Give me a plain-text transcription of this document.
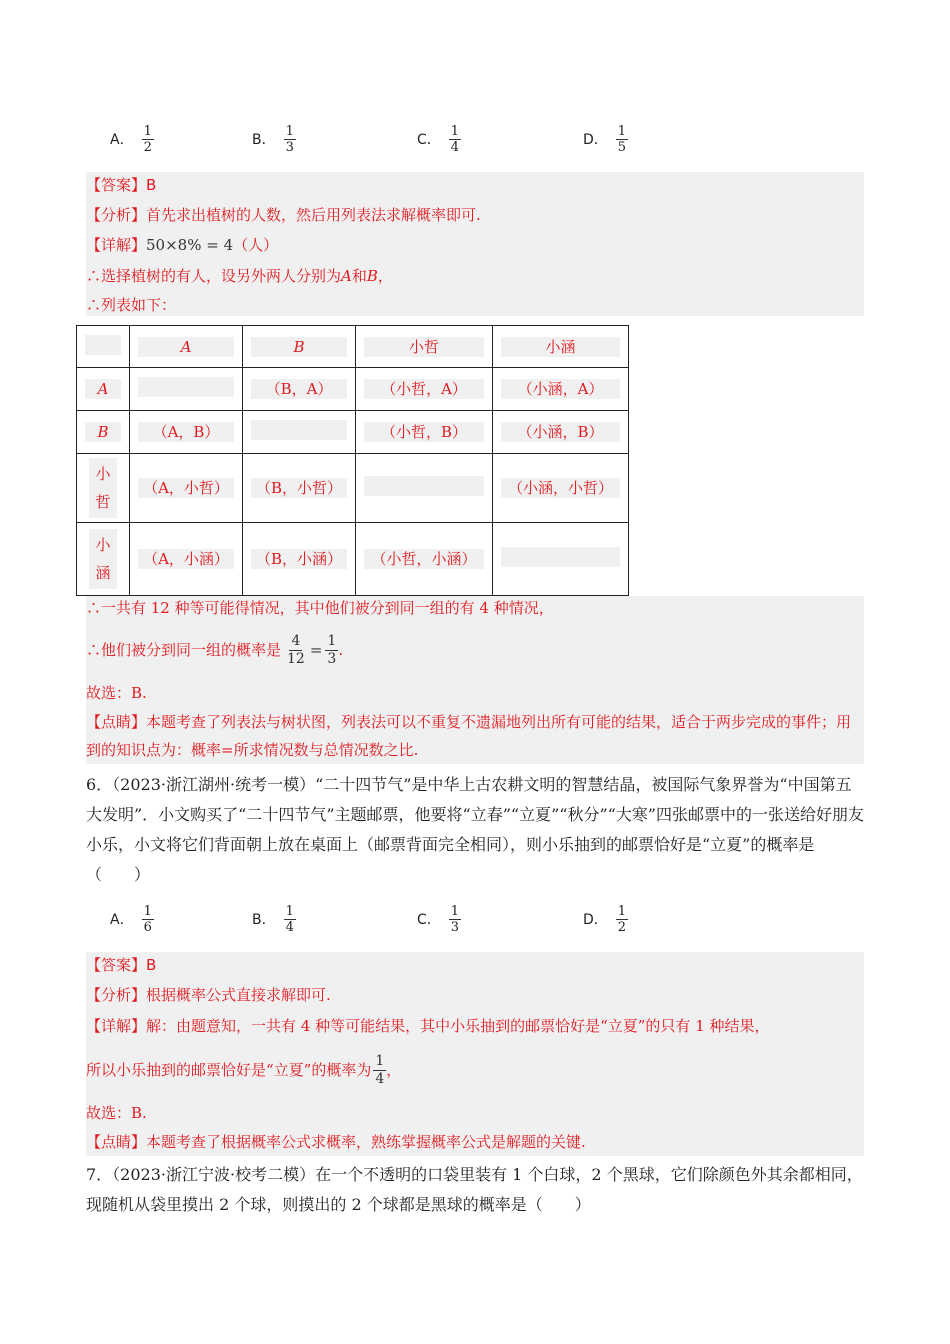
A． $\frac{1}{2}$	B． $\frac{1}{3}$	C． $\frac{1}{4}$	D． $\frac{1}{5}$
【答案】B
【分析】首先求出植树的人数，然后用列表法求解概率即可.
【详解】50×8% = 4（人）
∴选择植树的有人，设另外两人分别为A和B，
∴列表如下：
	A	B	小哲	小涵
A		（B，A）	（小哲，A）	（小涵，A）
B	（A，B）		（小哲，B）	（小涵，B）
小哲	（A，小哲）	（B，小哲）		（小涵，小哲）
小涵	（A，小涵）	（B，小涵）	（小哲，小涵）	
∴一共有 12 种等可能得情况，其中他们被分到同一组的有 4 种情况，
∴他们被分到同一组的概率是 $\frac{4}{12} = \frac{1}{3}$ .
故选：B.
【点睛】本题考查了列表法与树状图，列表法可以不重复不遗漏地列出所有可能的结果，适合于两步完成的事件；用到的知识点为：概率=所求情况数与总情况数之比.
6．（2023·浙江湖州·统考一模）“二十四节气”是中华上古农耕文明的智慧结晶，被国际气象界誉为“中国第五大发明”．小文购买了“二十四节气”主题邮票，他要将“立春”“立夏”“秋分”“大寒”四张邮票中的一张送给好朋友小乐，小文将它们背面朝上放在桌面上（邮票背面完全相同），则小乐抽到的邮票恰好是“立夏”的概率是（　　）
A． $\frac{1}{6}$	B． $\frac{1}{4}$	C． $\frac{1}{3}$	D． $\frac{1}{2}$
【答案】B
【分析】根据概率公式直接求解即可.
【详解】解：由题意知，一共有 4 种等可能结果，其中小乐抽到的邮票恰好是“立夏”的只有 1 种结果，
所以小乐抽到的邮票恰好是“立夏”的概率为 $\frac{1}{4}$ ，
故选：B.
【点睛】本题考查了根据概率公式求概率，熟练掌握概率公式是解题的关键.
7．（2023·浙江宁波·校考二模）在一个不透明的口袋里装有 1 个白球，2 个黑球，它们除颜色外其余都相同，现随机从袋里摸出 2 个球，则摸出的 2 个球都是黑球的概率是（　　）
